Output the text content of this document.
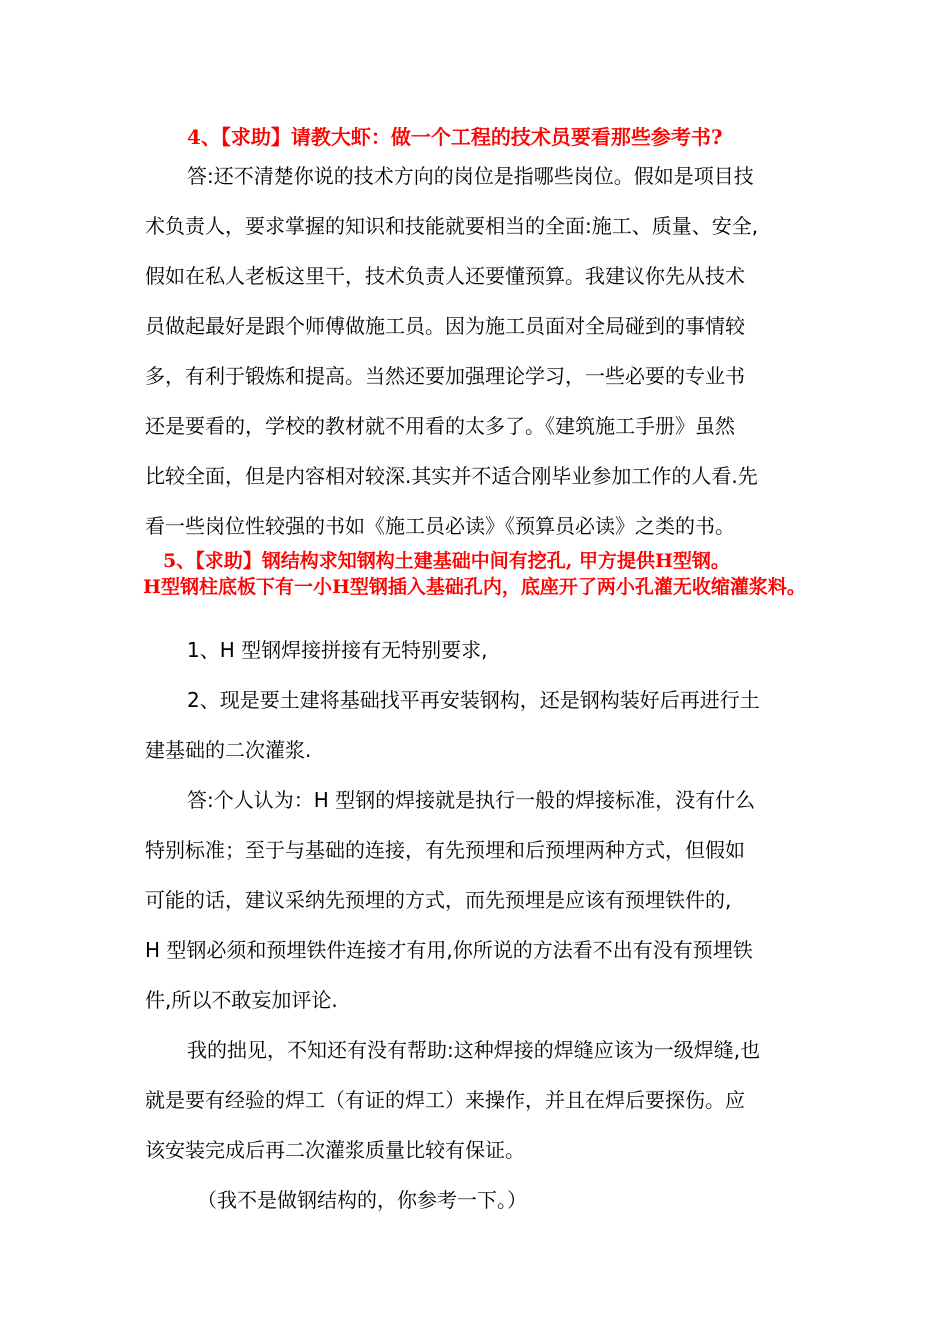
4、【求助】请教大虾：做一个工程的技术员要看那些参考书?
答:还不清楚你说的技术方向的岗位是指哪些岗位。假如是项目技
术负责人，要求掌握的知识和技能就要相当的全面:施工、质量、安全,
假如在私人老板这里干，技术负责人还要懂预算。我建议你先从技术
员做起最好是跟个师傅做施工员。因为施工员面对全局碰到的事情较
多，有利于锻炼和提高。当然还要加强理论学习，一些必要的专业书
还是要看的，学校的教材就不用看的太多了。《建筑施工手册》虽然
比较全面，但是内容相对较深.其实并不适合刚毕业参加工作的人看.先
看一些岗位性较强的书如《施工员必读》《预算员必读》之类的书。
5、【求助】钢结构求知钢构土建基础中间有挖孔, 甲方提供H型钢。
H型钢柱底板下有一小H型钢插入基础孔内，底座开了两小孔灌无收缩灌浆料。
1、H 型钢焊接拼接有无特别要求,
2、现是要土建将基础找平再安装钢构，还是钢构装好后再进行土
建基础的二次灌浆.
答:个人认为：H 型钢的焊接就是执行一般的焊接标准，没有什么
特别标准；至于与基础的连接，有先预埋和后预埋两种方式，但假如
可能的话，建议采纳先预埋的方式，而先预埋是应该有预埋铁件的,
H 型钢必须和预埋铁件连接才有用,你所说的方法看不出有没有预埋铁
件,所以不敢妄加评论.
我的拙见，不知还有没有帮助:这种焊接的焊缝应该为一级焊缝,也
就是要有经验的焊工（有证的焊工）来操作，并且在焊后要探伤。应
该安装完成后再二次灌浆质量比较有保证。
（我不是做钢结构的，你参考一下。）
